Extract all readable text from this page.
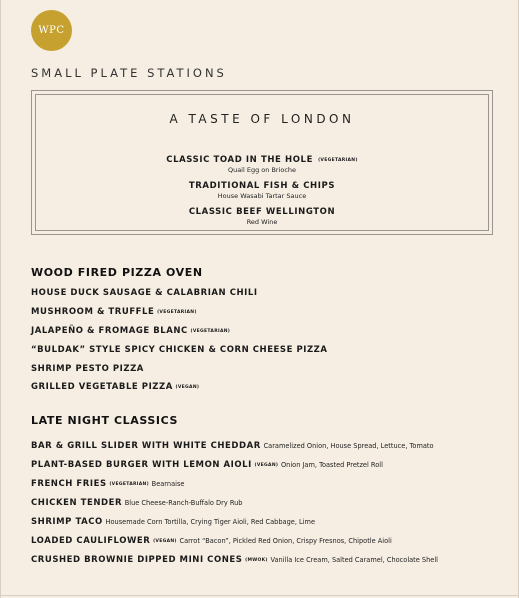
WPC
SMALL PLATE STATIONS
A TASTE OF LONDON
CLASSIC TOAD IN THE HOLE (VEGETARIAN)
Quail Egg on Brioche
TRADITIONAL FISH & CHIPS
House Wasabi Tartar Sauce
CLASSIC BEEF WELLINGTON
Red Wine
WOOD FIRED PIZZA OVEN
HOUSE DUCK SAUSAGE & CALABRIAN CHILI
MUSHROOM & TRUFFLE (VEGETARIAN)
JALAPEÑO & FROMAGE BLANC (VEGETARIAN)
“BULDAK” STYLE SPICY CHICKEN & CORN CHEESE PIZZA
SHRIMP PESTO PIZZA
GRILLED VEGETABLE PIZZA (VEGAN)
LATE NIGHT CLASSICS
BAR & GRILL SLIDER WITH WHITE CHEDDAR Caramelized Onion, House Spread, Lettuce, Tomato
PLANT-BASED BURGER WITH LEMON AIOLI (VEGAN) Onion Jam, Toasted Pretzel Roll
FRENCH FRIES (VEGETARIAN) Bearnaise
CHICKEN TENDER Blue Cheese-Ranch-Buffalo Dry Rub
SHRIMP TACO Housemade Corn Tortilla, Crying Tiger Aioli, Red Cabbage, Lime
LOADED CAULIFLOWER (VEGAN) Carrot “Bacon”, Pickled Red Onion, Crispy Fresnos, Chipotle Aioli
CRUSHED BROWNIE DIPPED MINI CONES (MWOK) Vanilla Ice Cream, Salted Caramel, Chocolate Shell
